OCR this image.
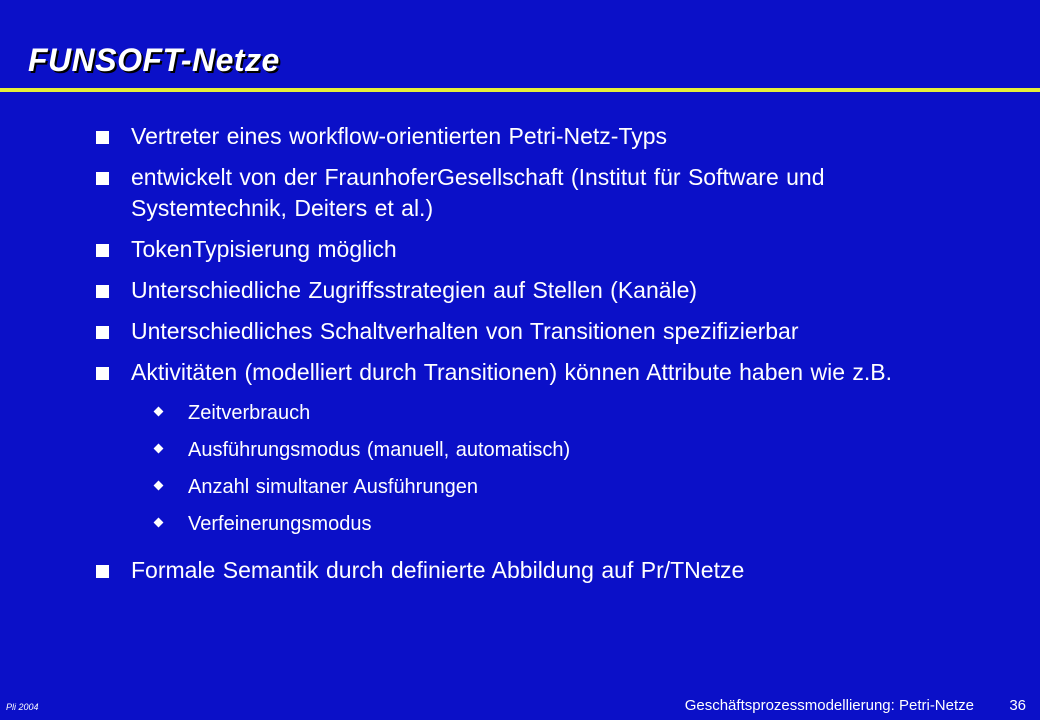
FUNSOFT-Netze
Vertreter eines workflow-orientierten Petri-Netz-Typs
entwickelt von der FraunhoferGesellschaft (Institut für Software und Systemtechnik, Deiters et al.)
TokenTypisierung möglich
Unterschiedliche Zugriffsstrategien auf Stellen (Kanäle)
Unterschiedliches Schaltverhalten von Transitionen spezifizierbar
Aktivitäten (modelliert durch Transitionen) können Attribute haben wie z.B.
Zeitverbrauch
Ausführungsmodus (manuell, automatisch)
Anzahl simultaner Ausführungen
Verfeinerungsmodus
Formale Semantik durch definierte Abbildung auf Pr/TNetze
Pli 2004	Geschäftsprozessmodellierung: Petri-Netze 36
